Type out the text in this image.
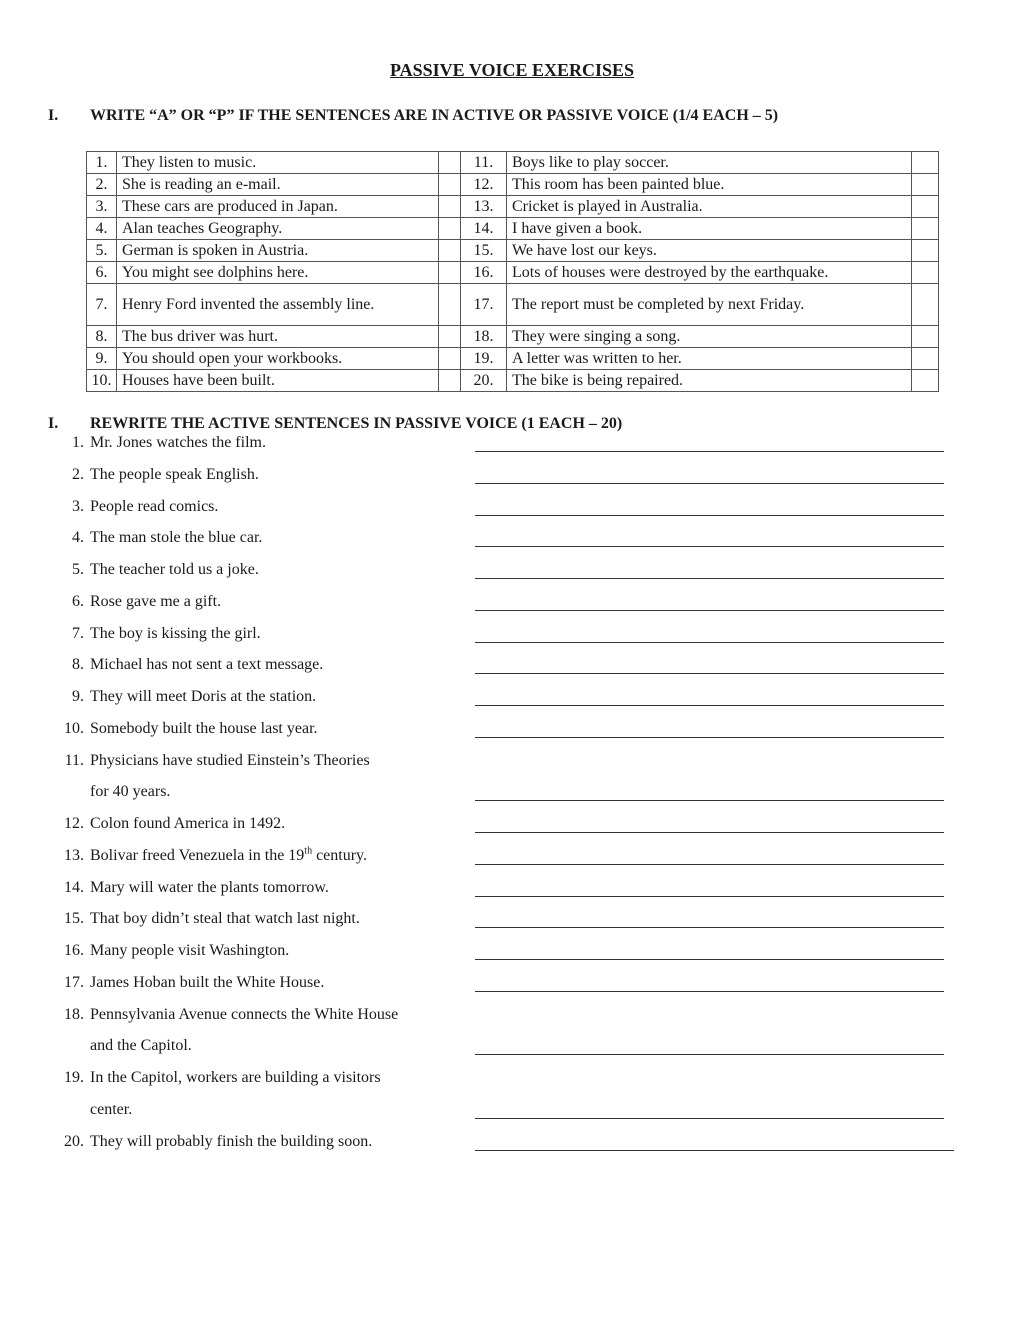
PASSIVE VOICE EXERCISES
I. WRITE “A” OR “P” IF THE SENTENCES ARE IN ACTIVE OR PASSIVE VOICE (1/4 EACH – 5)
1.	They listen to music.		11.	Boys like to play soccer.	
2.	She is reading an e-mail.		12.	This room has been painted blue.	
3.	These cars are produced in Japan.		13.	Cricket is played in Australia.	
4.	Alan teaches Geography.		14.	I have given a book.	
5.	German is spoken in Austria.		15.	We have lost our keys.	
6.	You might see dolphins here.		16.	Lots of houses were destroyed by the earthquake.	
7.	Henry Ford invented the assembly line.		17.	The report must be completed by next Friday.	
8.	The bus driver was hurt.		18.	They were singing a song.	
9.	You should open your workbooks.		19.	A letter was written to her.	
10.	Houses have been built.		20.	The bike is being repaired.	
I. REWRITE THE ACTIVE SENTENCES IN PASSIVE VOICE (1 EACH – 20)
1. Mr. Jones watches the film.
2. The people speak English.
3. People read comics.
4. The man stole the blue car.
5. The teacher told us a joke.
6. Rose gave me a gift.
7. The boy is kissing the girl.
8. Michael has not sent a text message.
9. They will meet Doris at the station.
10. Somebody built the house last year.
11. Physicians have studied Einstein’s Theories
for 40 years.
12. Colon found America in 1492.
13. Bolivar freed Venezuela in the 19th century.
14. Mary will water the plants tomorrow.
15. That boy didn’t steal that watch last night.
16. Many people visit Washington.
17. James Hoban built the White House.
18. Pennsylvania Avenue connects the White House
and the Capitol.
19. In the Capitol, workers are building a visitors
center.
20. They will probably finish the building soon.
